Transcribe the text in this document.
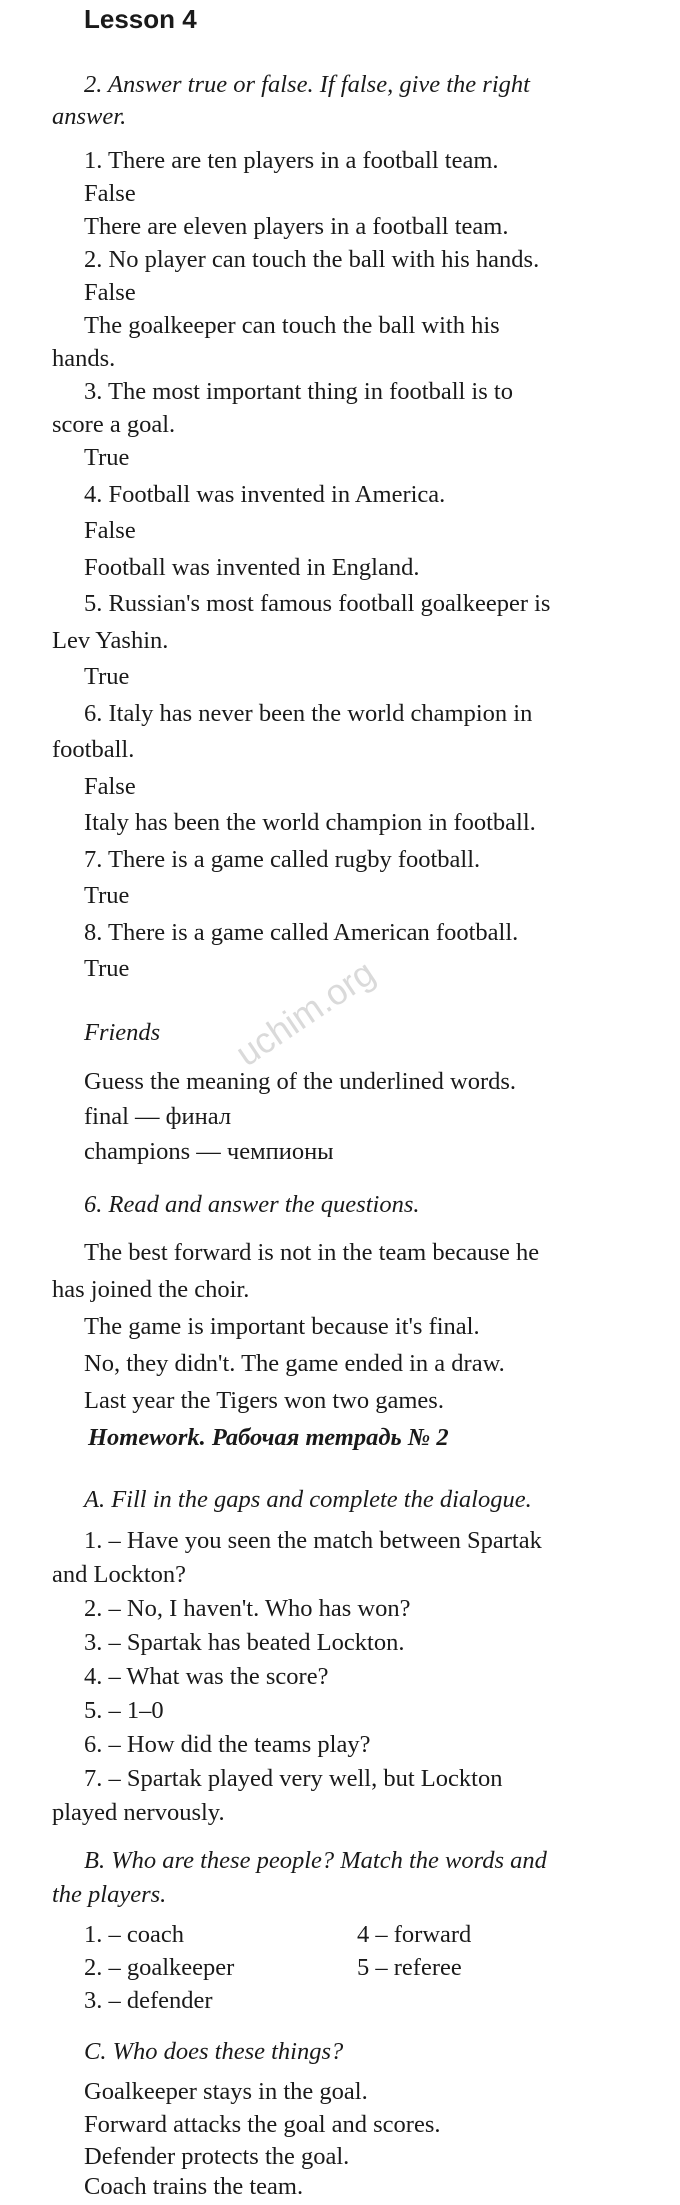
Lesson 4
2. Answer true or false. If false, give the right
answer.
1. There are ten players in a football team.
False
There are eleven players in a football team.
2. No player can touch the ball with his hands.
False
The goalkeeper can touch the ball with his
hands.
3. The most important thing in football is to
score a goal.
True
4. Football was invented in America.
False
Football was invented in England.
5. Russian's most famous football goalkeeper is
Lev Yashin.
True
6. Italy has never been the world champion in
football.
False
Italy has been the world champion in football.
7. There is a game called rugby football.
True
8. There is a game called American football.
True
Friends
Guess the meaning of the underlined words.
final — финал
champions — чемпионы
6. Read and answer the questions.
The best forward is not in the team because he
has joined the choir.
The game is important because it's final.
No, they didn't. The game ended in a draw.
Last year the Tigers won two games.
Homework. Рабочая тетрадь № 2
A. Fill in the gaps and complete the dialogue.
1. – Have you seen the match between Spartak
and Lockton?
2. – No, I haven't. Who has won?
3. – Spartak has beated Lockton.
4. – What was the score?
5. – 1–0
6. – How did the teams play?
7. – Spartak played very well, but Lockton
played nervously.
B. Who are these people? Match the words and
the players.
1. – coach
2. – goalkeeper
3. – defender
4 – forward
5 – referee
C. Who does these things?
Goalkeeper stays in the goal.
Forward attacks the goal and scores.
Defender protects the goal.
Coach trains the team.
uchim.org
